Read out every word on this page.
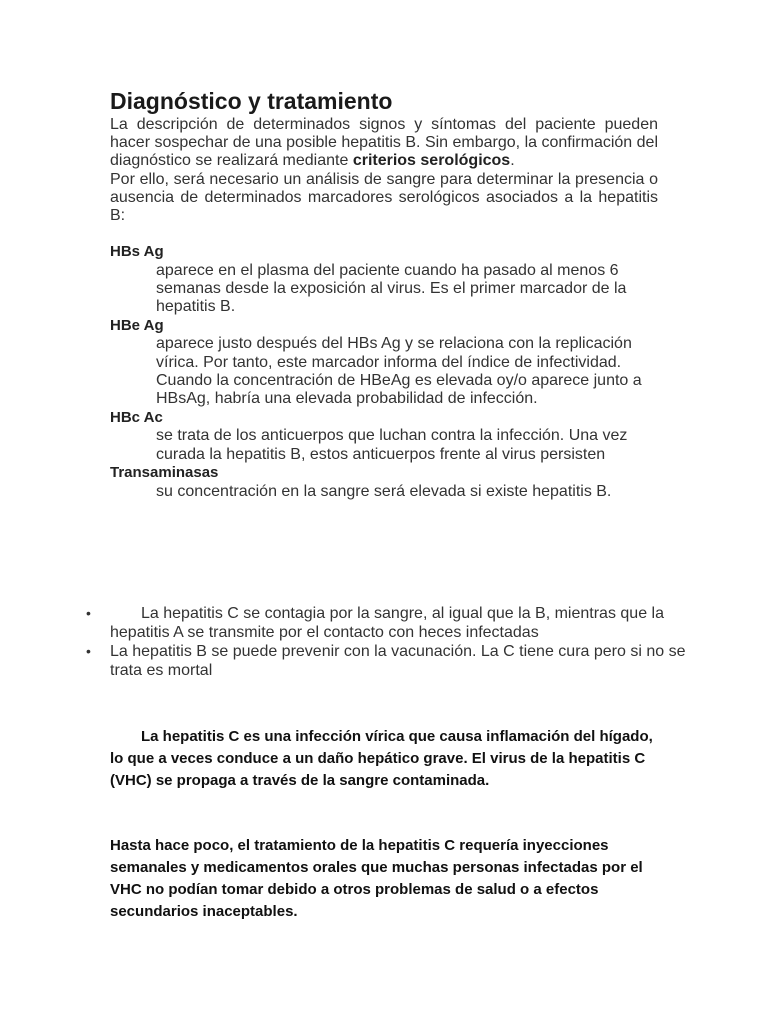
Diagnóstico y tratamiento

La descripción de determinados signos y síntomas del paciente pueden hacer sospechar de una posible hepatitis B. Sin embargo, la confirmación del diagnóstico se realizará mediante criterios serológicos.

Por ello, será necesario un análisis de sangre para determinar la presencia o ausencia de determinados marcadores serológicos asociados a la hepatitis B:

HBs Ag

aparece en el plasma del paciente cuando ha pasado al menos 6 semanas desde la exposición al virus. Es el primer marcador de la hepatitis B.

HBe Ag

aparece justo después del HBs Ag y se relaciona con la replicación vírica. Por tanto, este marcador informa del índice de infectividad. Cuando la concentración de HBeAg es elevada oy/o aparece junto a HBsAg, habría una elevada probabilidad de infección.

HBc Ac

se trata de los anticuerpos que luchan contra la infección. Una vez curada la hepatitis B, estos anticuerpos frente al virus persisten

Transaminasas

su concentración en la sangre será elevada si existe hepatitis B.

•	La hepatitis C se contagia por la sangre, al igual que la B, mientras que la hepatitis A se transmite por el contacto con heces infectadas

• La hepatitis B se puede prevenir con la vacunación. La C tiene cura pero si no se trata es mortal

La hepatitis C es una infección vírica que causa inflamación del hígado, lo que a veces conduce a un daño hepático grave. El virus de la hepatitis C (VHC) se propaga a través de la sangre contaminada.

Hasta hace poco, el tratamiento de la hepatitis C requería inyecciones semanales y medicamentos orales que muchas personas infectadas por el VHC no podían tomar debido a otros problemas de salud o a efectos secundarios inaceptables.
